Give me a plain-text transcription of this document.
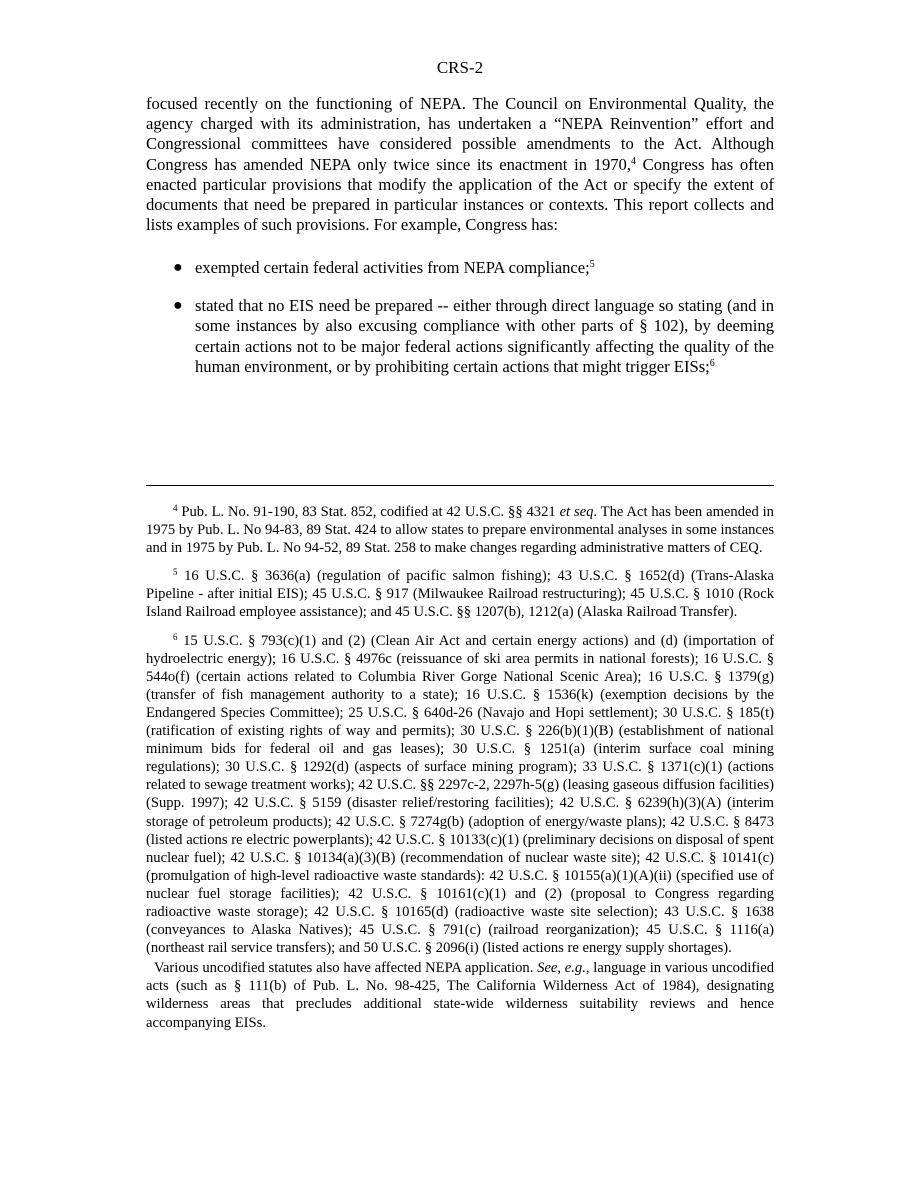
CRS-2

focused recently on the functioning of NEPA. The Council on Environmental Quality, the agency charged with its administration, has undertaken a “NEPA Reinvention” effort and Congressional committees have considered possible amendments to the Act. Although Congress has amended NEPA only twice since its enactment in 1970,$^4$ Congress has often enacted particular provisions that modify the application of the Act or specify the extent of documents that need be prepared in particular instances or contexts. This report collects and lists examples of such provisions. For example, Congress has:

● exempted certain federal activities from NEPA compliance;$^5$
● stated that no EIS need be prepared -- either through direct language so stating (and in some instances by also excusing compliance with other parts of § 102), by deeming certain actions not to be major federal actions significantly affecting the quality of the human environment, or by prohibiting certain actions that might trigger EISs;$^6$

$^4$ Pub. L. No. 91-190, 83 Stat. 852, codified at 42 U.S.C. §§ 4321 et seq. The Act has been amended in 1975 by Pub. L. No 94-83, 89 Stat. 424 to allow states to prepare environmental analyses in some instances and in 1975 by Pub. L. No 94-52, 89 Stat. 258 to make changes regarding administrative matters of CEQ.

$^5$ 16 U.S.C. § 3636(a) (regulation of pacific salmon fishing); 43 U.S.C. § 1652(d) (Trans-Alaska Pipeline - after initial EIS); 45 U.S.C. § 917 (Milwaukee Railroad restructuring); 45 U.S.C. § 1010 (Rock Island Railroad employee assistance); and 45 U.S.C. §§ 1207(b), 1212(a) (Alaska Railroad Transfer).

$^6$ 15 U.S.C. § 793(c)(1) and (2) (Clean Air Act and certain energy actions) and (d) (importation of hydroelectric energy); 16 U.S.C. § 4976c (reissuance of ski area permits in national forests); 16 U.S.C. § 544o(f) (certain actions related to Columbia River Gorge National Scenic Area); 16 U.S.C. § 1379(g) (transfer of fish management authority to a state); 16 U.S.C. § 1536(k) (exemption decisions by the Endangered Species Committee); 25 U.S.C. § 640d-26 (Navajo and Hopi settlement); 30 U.S.C. § 185(t) (ratification of existing rights of way and permits); 30 U.S.C. § 226(b)(1)(B) (establishment of national minimum bids for federal oil and gas leases); 30 U.S.C. § 1251(a) (interim surface coal mining regulations); 30 U.S.C. § 1292(d) (aspects of surface mining program); 33 U.S.C. § 1371(c)(1) (actions related to sewage treatment works); 42 U.S.C. §§ 2297c-2, 2297h-5(g) (leasing gaseous diffusion facilities)(Supp. 1997); 42 U.S.C. § 5159 (disaster relief/restoring facilities); 42 U.S.C. § 6239(h)(3)(A) (interim storage of petroleum products); 42 U.S.C. § 7274g(b) (adoption of energy/waste plans); 42 U.S.C. § 8473 (listed actions re electric powerplants); 42 U.S.C. § 10133(c)(1) (preliminary decisions on disposal of spent nuclear fuel); 42 U.S.C. § 10134(a)(3)(B) (recommendation of nuclear waste site); 42 U.S.C. § 10141(c) (promulgation of high-level radioactive waste standards): 42 U.S.C. § 10155(a)(1)(A)(ii) (specified use of nuclear fuel storage facilities); 42 U.S.C. § 10161(c)(1) and (2) (proposal to Congress regarding radioactive waste storage); 42 U.S.C. § 10165(d) (radioactive waste site selection); 43 U.S.C. § 1638 (conveyances to Alaska Natives); 45 U.S.C. § 791(c) (railroad reorganization); 45 U.S.C. § 1116(a) (northeast rail service transfers); and 50 U.S.C. § 2096(i) (listed actions re energy supply shortages).

Various uncodified statutes also have affected NEPA application. See, e.g., language in various uncodified acts (such as § 111(b) of Pub. L. No. 98-425, The California Wilderness Act of 1984), designating wilderness areas that precludes additional state-wide wilderness suitability reviews and hence accompanying EISs.
